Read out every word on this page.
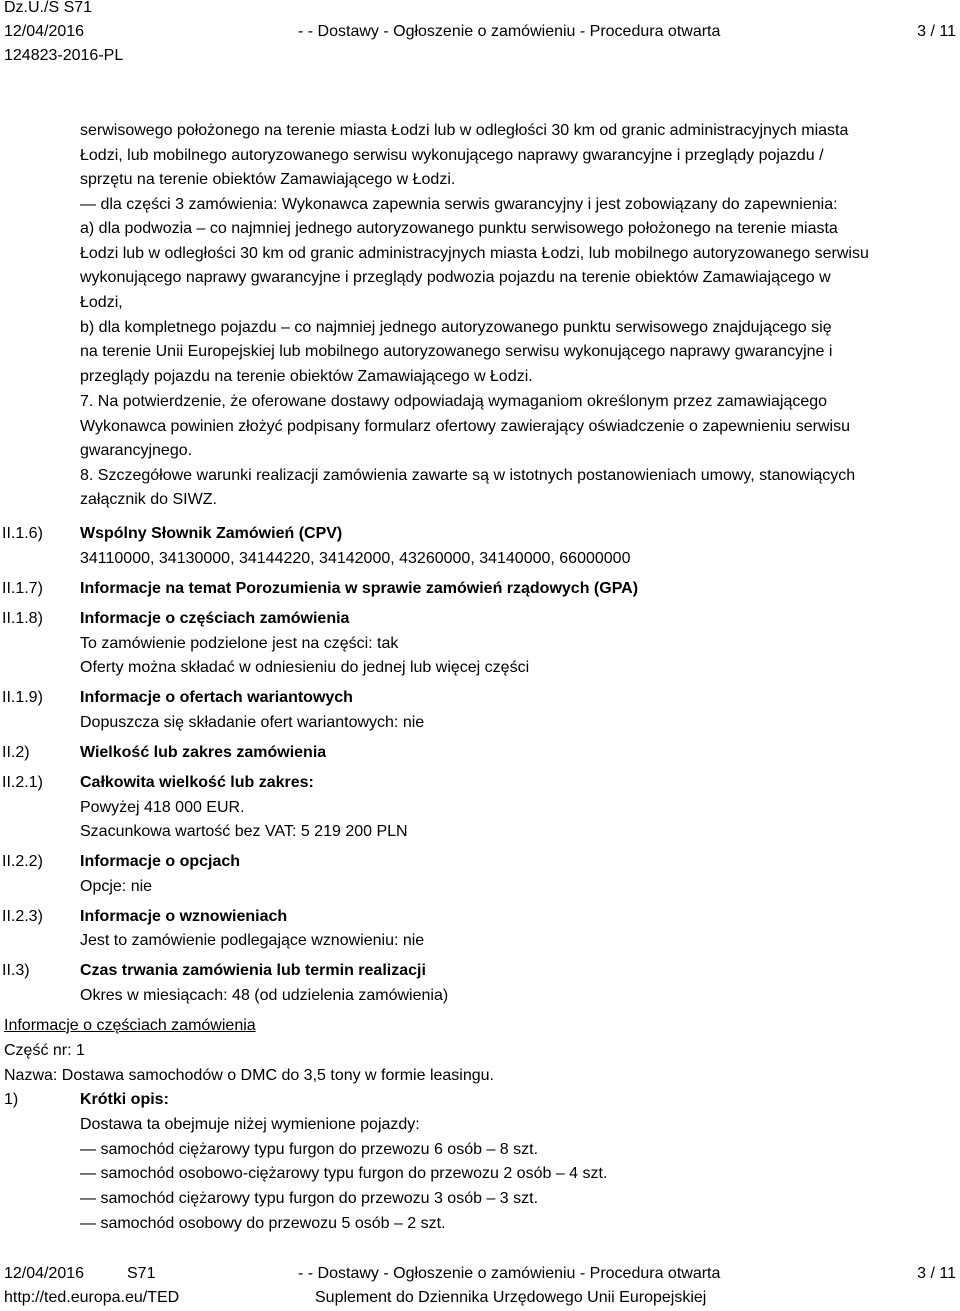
Dz.U./S S71
12/04/2016	- - Dostawy - Ogłoszenie o zamówieniu - Procedura otwarta	3 / 11
124823-2016-PL
serwisowego położonego na terenie miasta Łodzi lub w odległości 30 km od granic administracyjnych miasta
Łodzi, lub mobilnego autoryzowanego serwisu wykonującego naprawy gwarancyjne i przeglądy pojazdu /
sprzętu na terenie obiektów Zamawiającego w Łodzi.
— dla części 3 zamówienia: Wykonawca zapewnia serwis gwarancyjny i jest zobowiązany do zapewnienia:
a) dla podwozia – co najmniej jednego autoryzowanego punktu serwisowego położonego na terenie miasta
Łodzi lub w odległości 30 km od granic administracyjnych miasta Łodzi, lub mobilnego autoryzowanego serwisu
wykonującego naprawy gwarancyjne i przeglądy podwozia pojazdu na terenie obiektów Zamawiającego w
Łodzi,
b) dla kompletnego pojazdu – co najmniej jednego autoryzowanego punktu serwisowego znajdującego się
na terenie Unii Europejskiej lub mobilnego autoryzowanego serwisu wykonującego naprawy gwarancyjne i
przeglądy pojazdu na terenie obiektów Zamawiającego w Łodzi.
7. Na potwierdzenie, że oferowane dostawy odpowiadają wymaganiom określonym przez zamawiającego
Wykonawca powinien złożyć podpisany formularz ofertowy zawierający oświadczenie o zapewnieniu serwisu
gwarancyjnego.
8. Szczegółowe warunki realizacji zamówienia zawarte są w istotnych postanowieniach umowy, stanowiących
załącznik do SIWZ.
II.1.6) Wspólny Słownik Zamówień (CPV)
34110000, 34130000, 34144220, 34142000, 43260000, 34140000, 66000000
II.1.7) Informacje na temat Porozumienia w sprawie zamówień rządowych (GPA)
II.1.8) Informacje o częściach zamówienia
To zamówienie podzielone jest na części: tak
Oferty można składać w odniesieniu do jednej lub więcej części
II.1.9) Informacje o ofertach wariantowych
Dopuszcza się składanie ofert wariantowych: nie
II.2)	Wielkość lub zakres zamówienia
II.2.1) Całkowita wielkość lub zakres:
Powyżej 418 000 EUR.
Szacunkowa wartość bez VAT: 5 219 200 PLN
II.2.2) Informacje o opcjach
Opcje: nie
II.2.3) Informacje o wznowieniach
Jest to zamówienie podlegające wznowieniu: nie
II.3)	Czas trwania zamówienia lub termin realizacji
Okres w miesiącach: 48 (od udzielenia zamówienia)
Informacje o częściach zamówienia
Część nr: 1
Nazwa: Dostawa samochodów o DMC do 3,5 tony w formie leasingu.
1)	Krótki opis:
Dostawa ta obejmuje niżej wymienione pojazdy:
— samochód ciężarowy typu furgon do przewozu 6 osób – 8 szt.
— samochód osobowo-ciężarowy typu furgon do przewozu 2 osób – 4 szt.
— samochód ciężarowy typu furgon do przewozu 3 osób – 3 szt.
— samochód osobowy do przewozu 5 osób – 2 szt.
12/04/2016	S71	- - Dostawy - Ogłoszenie o zamówieniu - Procedura otwarta	3 / 11
http://ted.europa.eu/TED	Suplement do Dziennika Urzędowego Unii Europejskiej
